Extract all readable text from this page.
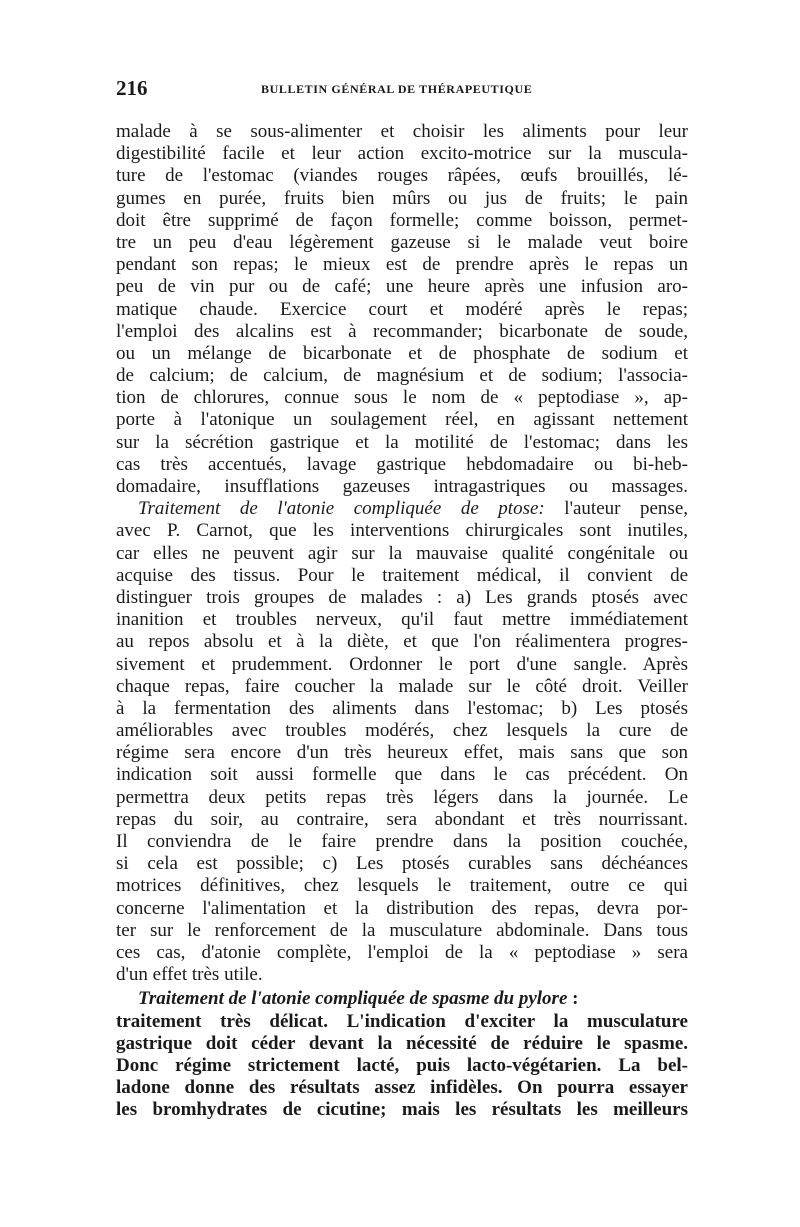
216	BULLETIN GÉNÉRAL DE THÉRAPEUTIQUE
malade à se sous-alimenter et choisir les aliments pour leur
digestibilité facile et leur action excito-motrice sur la muscula-
ture de l'estomac (viandes rouges râpées, œufs brouillés, lé-
gumes en purée, fruits bien mûrs ou jus de fruits; le pain
doit être supprimé de façon formelle; comme boisson, permet-
tre un peu d'eau légèrement gazeuse si le malade veut boire
pendant son repas; le mieux est de prendre après le repas un
peu de vin pur ou de café; une heure après une infusion aro-
matique chaude. Exercice court et modéré après le repas;
l'emploi des alcalins est à recommander; bicarbonate de soude,
ou un mélange de bicarbonate et de phosphate de sodium et
de calcium; de calcium, de magnésium et de sodium; l'associa-
tion de chlorures, connue sous le nom de « peptodiase », ap-
porte à l'atonique un soulagement réel, en agissant nettement
sur la sécrétion gastrique et la motilité de l'estomac; dans les
cas très accentués, lavage gastrique hebdomadaire ou bi-heb-
domadaire, insufflations gazeuses intragastriques ou massages.
Traitement de l'atonie compliquée de ptose: l'auteur pense,
avec P. Carnot, que les interventions chirurgicales sont inutiles,
car elles ne peuvent agir sur la mauvaise qualité congénitale ou
acquise des tissus. Pour le traitement médical, il convient de
distinguer trois groupes de malades : a) Les grands ptosés avec
inanition et troubles nerveux, qu'il faut mettre immédiatement
au repos absolu et à la diète, et que l'on réalimentera progres-
sivement et prudemment. Ordonner le port d'une sangle. Après
chaque repas, faire coucher la malade sur le côté droit. Veiller
à la fermentation des aliments dans l'estomac; b) Les ptosés
améliorables avec troubles modérés, chez lesquels la cure de
régime sera encore d'un très heureux effet, mais sans que son
indication soit aussi formelle que dans le cas précédent. On
permettra deux petits repas très légers dans la journée. Le
repas du soir, au contraire, sera abondant et très nourrissant.
Il conviendra de le faire prendre dans la position couchée,
si cela est possible; c) Les ptosés curables sans déchéances
motrices définitives, chez lesquels le traitement, outre ce qui
concerne l'alimentation et la distribution des repas, devra por-
ter sur le renforcement de la musculature abdominale. Dans tous
ces cas, d'atonie complète, l'emploi de la « peptodiase » sera
d'un effet très utile.
Traitement de l'atonie compliquée de spasme du pylore :
traitement très délicat. L'indication d'exciter la musculature
gastrique doit céder devant la nécessité de réduire le spasme.
Donc régime strictement lacté, puis lacto-végétarien. La bel-
ladone donne des résultats assez infidèles. On pourra essayer
les bromhydrates de cicutine; mais les résultats les meilleurs
